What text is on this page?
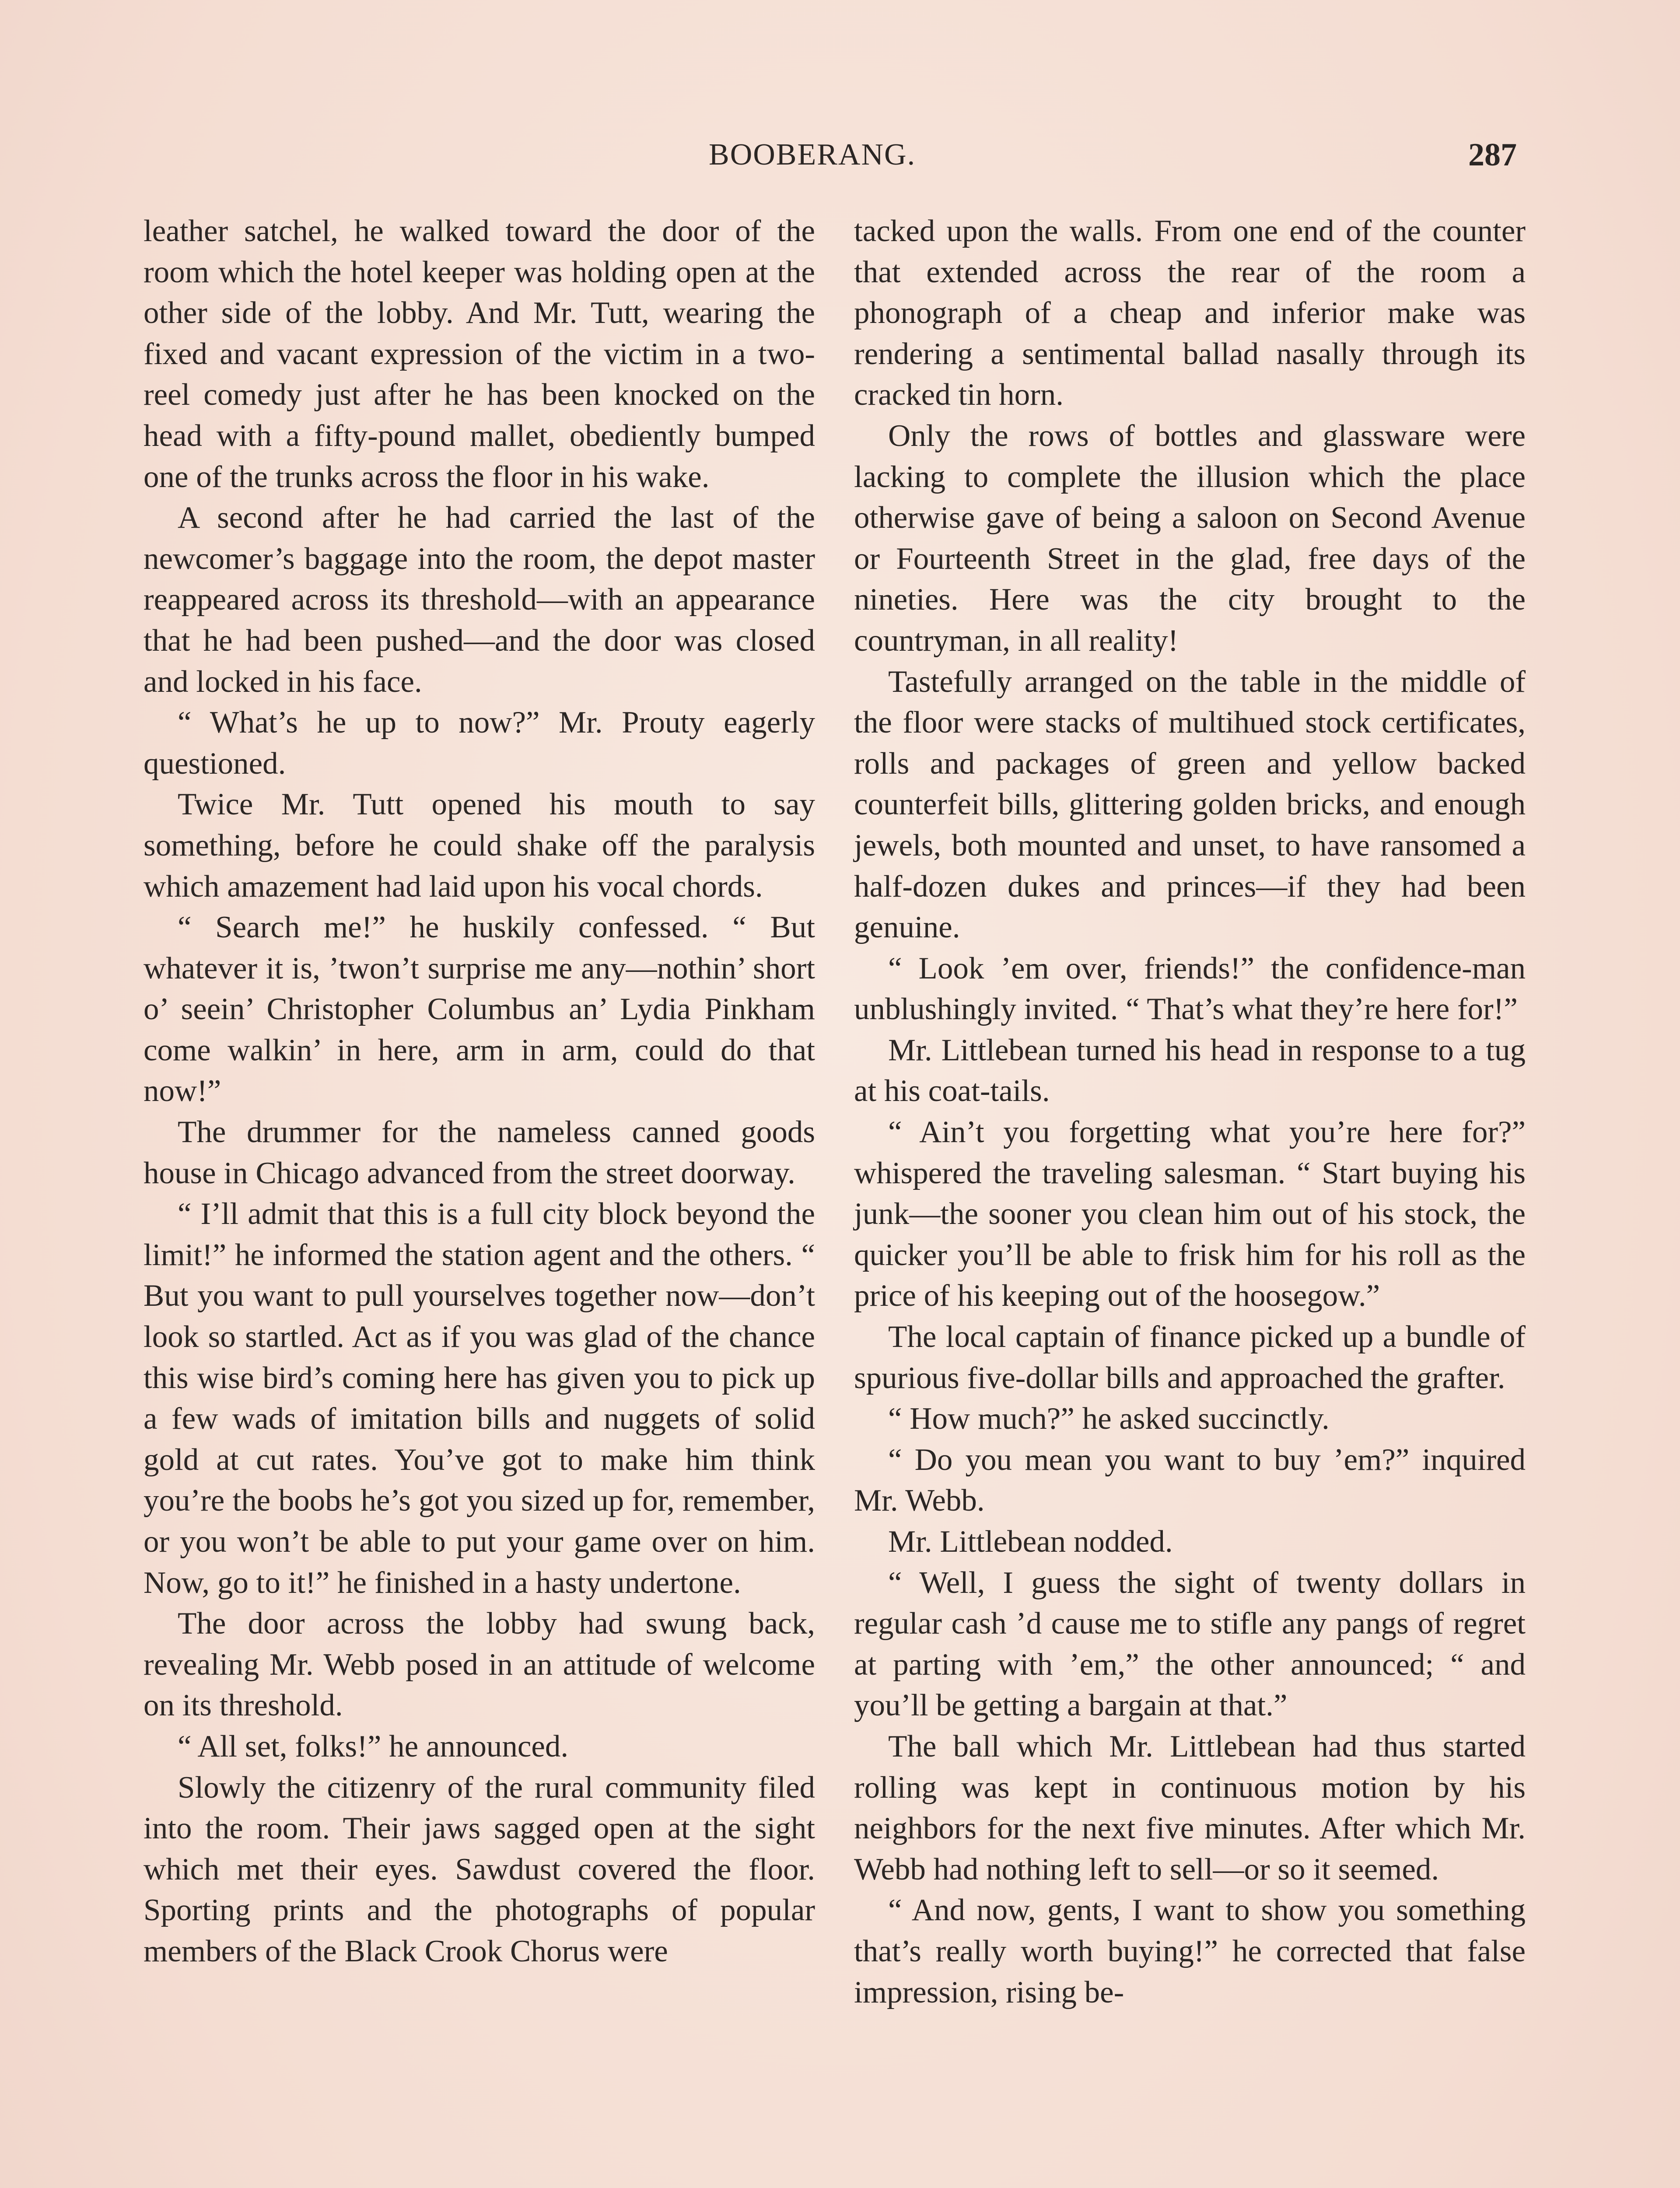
BOOBERANG.	287

leather satchel, he walked toward the door of the room which the hotel keeper was holding open at the other side of the lobby. And Mr. Tutt, wearing the fixed and vacant expression of the victim in a two-reel comedy just after he has been knocked on the head with a fifty-pound mallet, obediently bumped one of the trunks across the floor in his wake.

A second after he had carried the last of the newcomer’s baggage into the room, the depot master reappeared across its threshold—with an appearance that he had been pushed—and the door was closed and locked in his face.

“ What’s he up to now?” Mr. Prouty eagerly questioned.

Twice Mr. Tutt opened his mouth to say something, before he could shake off the paralysis which amazement had laid upon his vocal chords.

“ Search me!” he huskily confessed. “ But whatever it is, ’twon’t surprise me any—nothin’ short o’ seein’ Christopher Columbus an’ Lydia Pinkham come walkin’ in here, arm in arm, could do that now!”

The drummer for the nameless canned goods house in Chicago advanced from the street doorway.

“ I’ll admit that this is a full city block beyond the limit!” he informed the station agent and the others. “ But you want to pull yourselves together now—don’t look so startled. Act as if you was glad of the chance this wise bird’s coming here has given you to pick up a few wads of imitation bills and nuggets of solid gold at cut rates. You’ve got to make him think you’re the boobs he’s got you sized up for, remember, or you won’t be able to put your game over on him. Now, go to it!” he finished in a hasty undertone.

The door across the lobby had swung back, revealing Mr. Webb posed in an attitude of welcome on its threshold.

“ All set, folks!” he announced.

Slowly the citizenry of the rural community filed into the room. Their jaws sagged open at the sight which met their eyes. Sawdust covered the floor. Sporting prints and the photographs of popular members of the Black Crook Chorus were

tacked upon the walls. From one end of the counter that extended across the rear of the room a phonograph of a cheap and inferior make was rendering a sentimental ballad nasally through its cracked tin horn.

Only the rows of bottles and glassware were lacking to complete the illusion which the place otherwise gave of being a saloon on Second Avenue or Fourteenth Street in the glad, free days of the nineties. Here was the city brought to the countryman, in all reality!

Tastefully arranged on the table in the middle of the floor were stacks of multihued stock certificates, rolls and packages of green and yellow backed counterfeit bills, glittering golden bricks, and enough jewels, both mounted and unset, to have ransomed a half-dozen dukes and princes—if they had been genuine.

“ Look ’em over, friends!” the confidence-man unblushingly invited. “ That’s what they’re here for!”

Mr. Littlebean turned his head in response to a tug at his coat-tails.

“ Ain’t you forgetting what you’re here for?” whispered the traveling salesman. “ Start buying his junk—the sooner you clean him out of his stock, the quicker you’ll be able to frisk him for his roll as the price of his keeping out of the hoosegow.”

The local captain of finance picked up a bundle of spurious five-dollar bills and approached the grafter.

“ How much?” he asked succinctly.

“ Do you mean you want to buy ’em?” inquired Mr. Webb.

Mr. Littlebean nodded.

“ Well, I guess the sight of twenty dollars in regular cash ’d cause me to stifle any pangs of regret at parting with ’em,” the other announced; “ and you’ll be getting a bargain at that.”

The ball which Mr. Littlebean had thus started rolling was kept in continuous motion by his neighbors for the next five minutes. After which Mr. Webb had nothing left to sell—or so it seemed.

“ And now, gents, I want to show you something that’s really worth buying!” he corrected that false impression, rising be-
